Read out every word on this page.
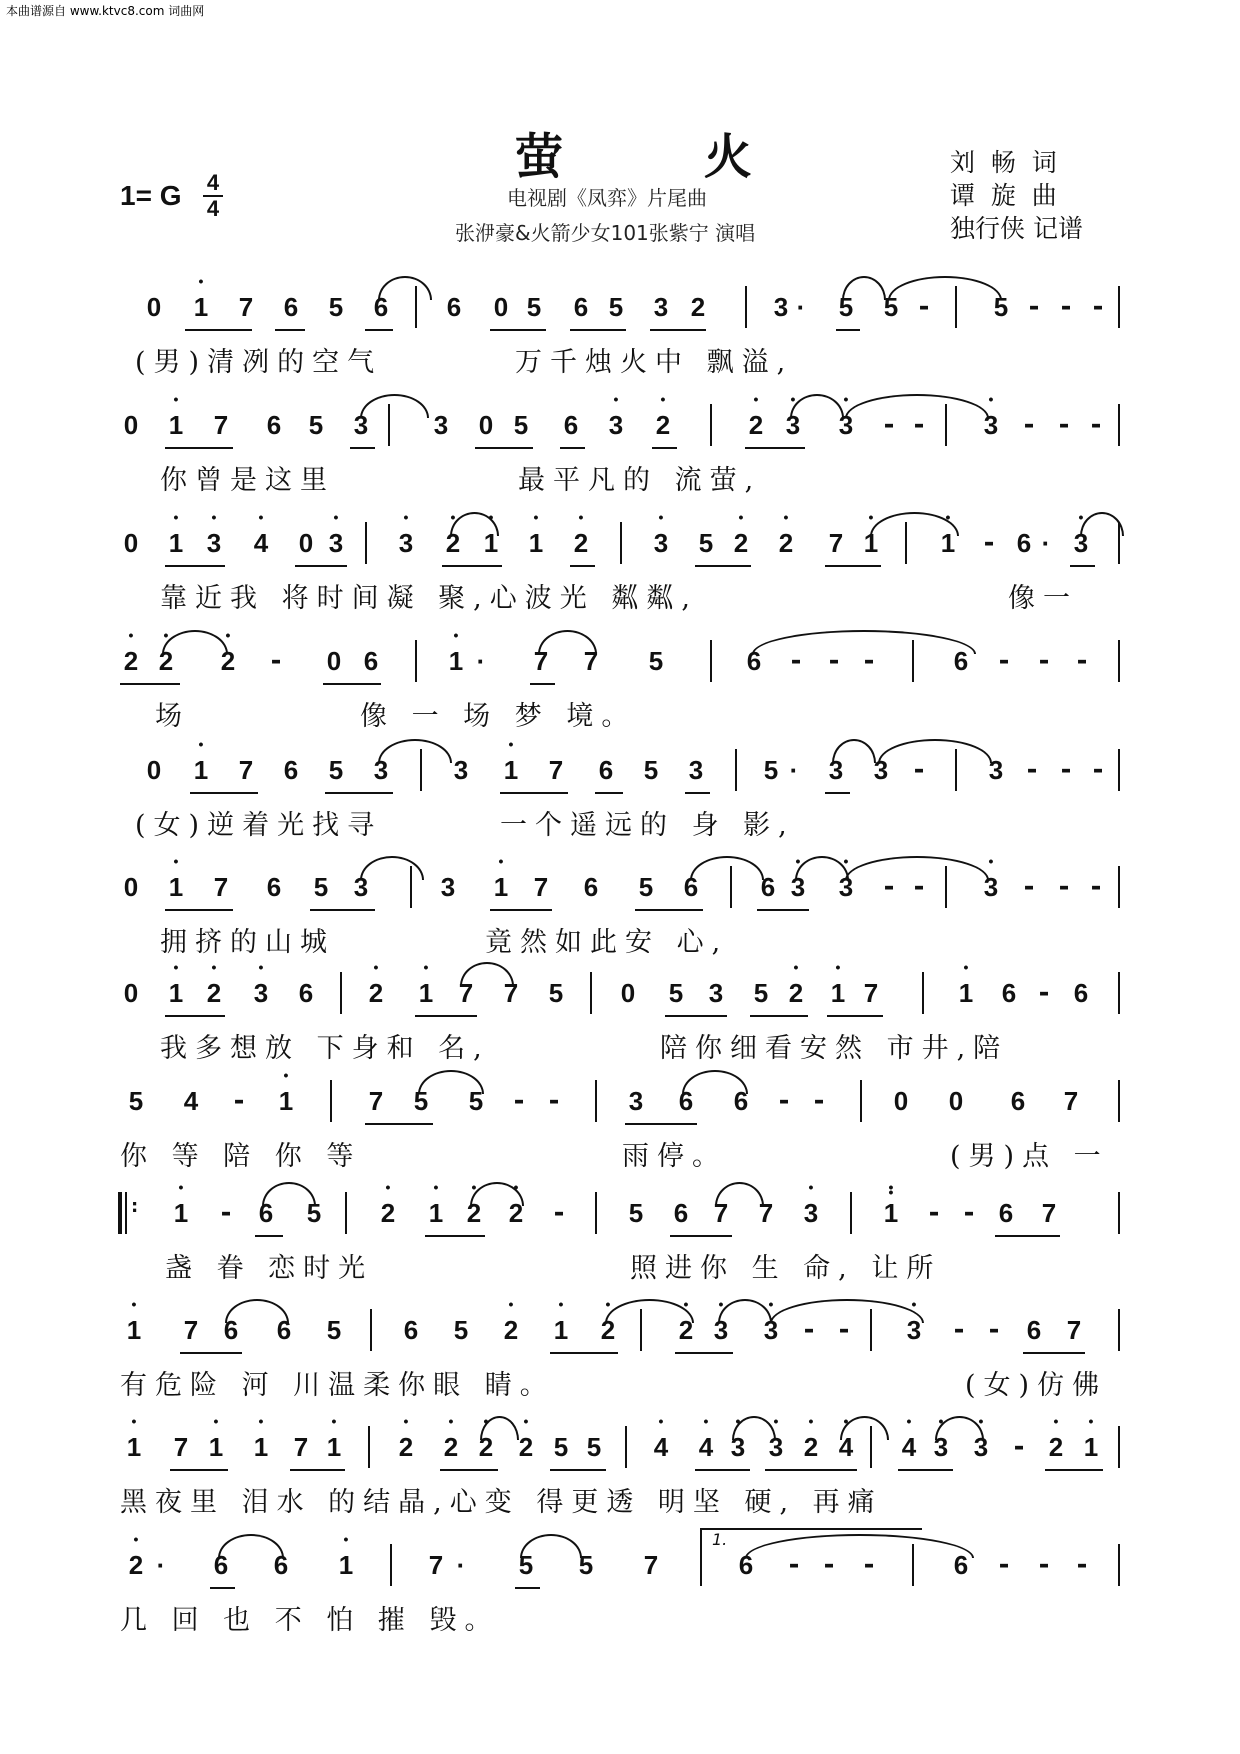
本曲谱源自 www.ktvc8.com 词曲网
萤 火
1= G 4
4	电视剧《凤弈》片尾曲
张洢豪&火箭少女101张紫宁 演唱
刘  畅  词
谭  旋  曲
独行侠 记谱
0	• 1	7	6	5	6	6	0 5	6 5	3 2	3 ·	5	5 -	5 - - -
(男)清冽的空气	万千烛火中 飘溢,
0	• 1	7	6	5	3	3	0 5	6	• 3	• 2	• 2 • 3	• 3	- -	• 3 - - -
你曾是这里	最平凡的 流萤,
0	• 1 • 3	• 4	0 • 3	• 3	• 2 • 1	• 1	• 2	• 3	5 • 2	• 2	7 • 1	• 1	- 6 · • 3
靠近我 将时间凝 聚,心波光 粼粼,	像一
• 2 • 2	• 2	-	0 6	• 1 ·	7	7	5	6	-	- -	6	-	-	-
场	像 一 场 梦 境。
0	• 1	7	6	5	3	3	• 1	7	6	5	3	5 ·	3	3 -	3 - - -
(女)逆着光找寻	一个遥远的 身 影,
0	• 1	7	6	5 3	3	• 1 7	6	5	6	6 • 3	• 3	- -	• 3 - - -
拥挤的山城	竟然如此安 心,
0	• 1 • 2	• 3	6	• 2	• 1 7	7	5	0	5 3	5 • 2	• 1 7	• 1	6 - 6
我多想放 下身和 名,	陪你细看安然 市井,陪
5	4	-	• 1	7	5	5	- -	3	6	6	- -	0	0	6	7
你 等 陪 你 等	雨停。	(男)点 一
:	• 1	-	6	5	• 2	• 1 • 2	• 2	-	5	6 7	7	• 3	• 1
•
- - 6	7
盏 眷 恋时光	照进你 生 命, 让所
• 1	7 6	6	5	6	5	• 2	• 1	• 2	• 2 • 3	• 3 - -	• 3	- -	6 7
有危险 河 川温柔你眼 睛。	(女)仿佛
• 1	7 • 1	• 1 7 • 1	• 2	• 2 • 2 • 2 5 5	• 4	• 4 • 3 • 3 • 2 • 4	• 4 • 3 • 3 - • 2 • 1
黑夜里 泪水 的结晶,心变 得更透 明坚 硬, 再痛
1.
• 2 ·	6	6	• 1	7 ·	5	5	7	6	- -	-	6	-	-	-
几 回 也 不 怕 摧 毁。
